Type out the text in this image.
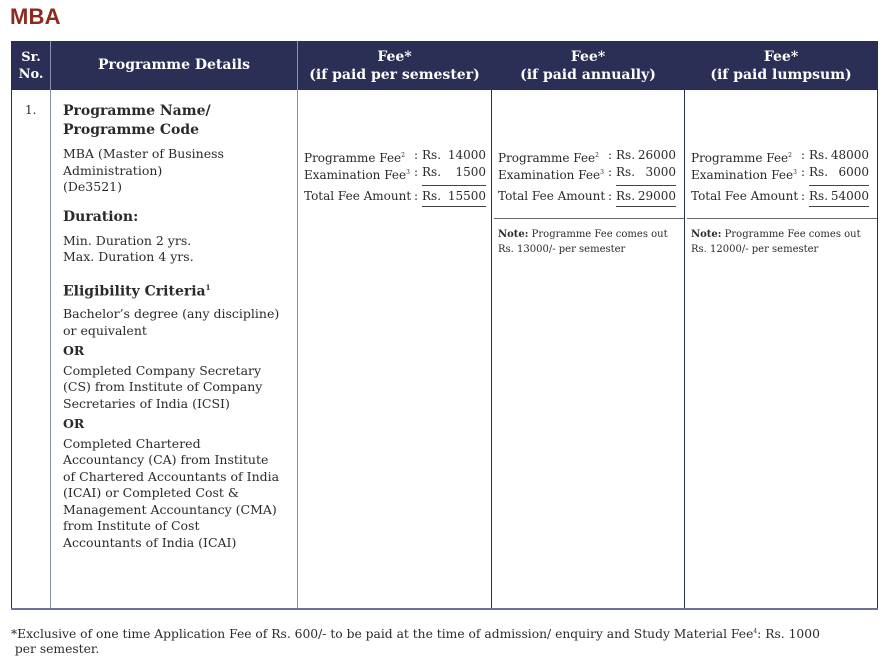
MBA
Sr.
No.
Programme Details
Fee*
(if paid per semester)
Fee*
(if paid annually)
Fee*
(if paid lumpsum)
1. Programme Name/

Programme Code

MBA (Master of Business

Administration)

(De3521)

Duration:

Min. Duration 2 yrs.

Max. Duration 4 yrs.

Eligibility Criteria$^1$

Bachelor’s degree (any discipline)

or equivalent

OR

Completed Company Secretary

(CS) from Institute of Company

Secretaries of India (ICSI)

OR

Completed Chartered

Accountancy (CA) from Institute

of Chartered Accountants of India

(ICAI) or Completed Cost &

Management Accountancy (CMA)

from Institute of Cost

Accountants of India (ICAI)

Programme Fee$^2$ : Rs. 14000
Examination Fee$^3$ : Rs. 1500
Total Fee Amount : Rs. 15500
Programme Fee$^2$ : Rs. 26000
Examination Fee$^3$ : Rs. 3000
Total Fee Amount : Rs. 29000
Note: Programme Fee comes out
Rs. 13000/- per semester
Programme Fee$^2$ : Rs. 48000
Examination Fee$^3$ : Rs. 6000
Total Fee Amount : Rs. 54000
Note: Programme Fee comes out
Rs. 12000/- per semester
*Exclusive of one time Application Fee of Rs. 600/- to be paid at the time of admission/ enquiry and Study Material Fee$^4$: Rs. 1000
per semester.
